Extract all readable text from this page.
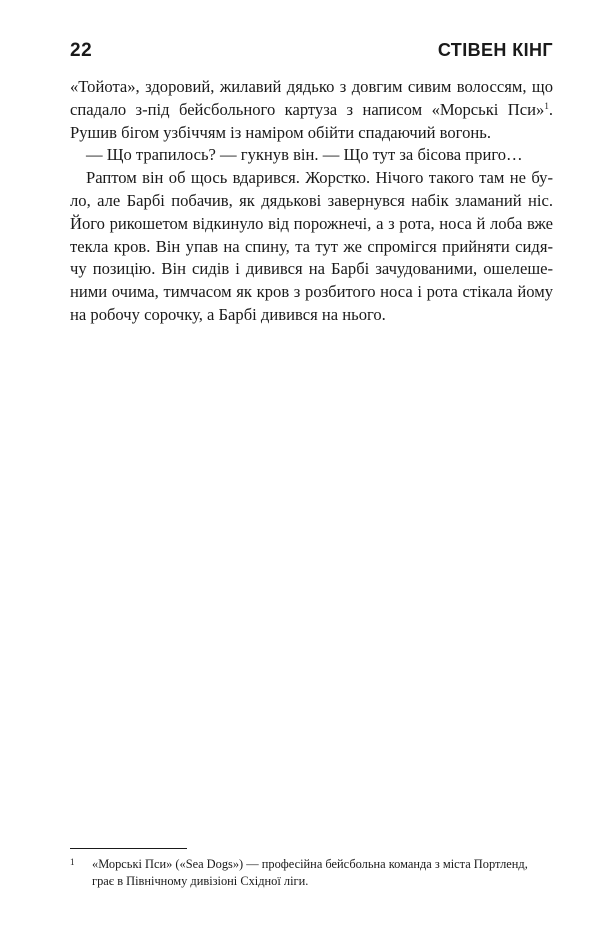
22	СТІВЕН КІНГ
«Тойота», здоровий, жилавий дядько з довгим сивим волоссям, що
спадало з-під бейсбольного картуза з написом «Морські Пси»$^1$.
Рушив бігом узбіччям із наміром обійти спадаючий вогонь.
— Що трапилось? — гукнув він. — Що тут за бісова приго…
Раптом він об щось вдарився. Жорстко. Нічого такого там не бу-
ло, але Барбі побачив, як дядькові завернувся набік зламаний ніс.
Його рикошетом відкинуло від порожнечі, а з рота, носа й лоба вже
текла кров. Він упав на спину, та тут же спромігся прийняти сидя-
чу позицію. Він сидів і дивився на Барбі зачудованими, ошелеше-
ними очима, тимчасом як кров з розбитого носа і рота стікала йому
на робочу сорочку, а Барбі дивився на нього.
1 «Морські Пси» («Sea Dogs») — професійна бейсбольна команда з міста Портленд,
грає в Північному дивізіоні Східної ліги.
